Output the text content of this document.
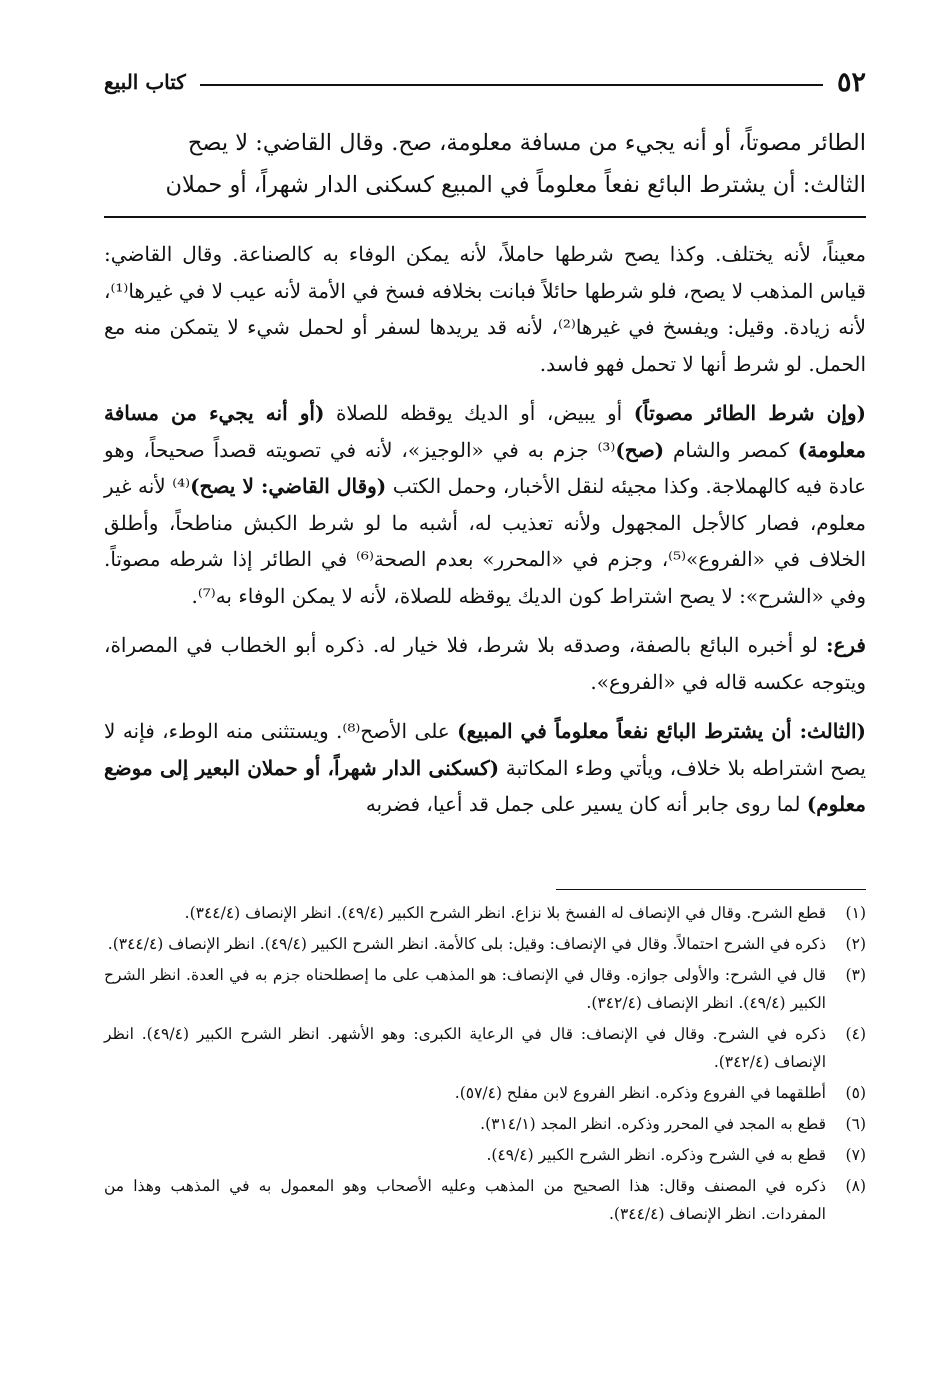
٥٢
كتاب البيع

الطائر مصوتاً، أو أنه يجيء من مسافة معلومة، صح. وقال القاضي: لا يصح

الثالث: أن يشترط البائع نفعاً معلوماً في المبيع كسكنى الدار شهراً، أو حملان

معيناً، لأنه يختلف. وكذا يصح شرطها حاملاً، لأنه يمكن الوفاء به كالصناعة. وقال القاضي: قياس المذهب لا يصح، فلو شرطها حائلاً فبانت بخلافه فسخ في الأمة لأنه عيب لا في غيرها⁽¹⁾، لأنه زيادة. وقيل: ويفسخ في غيرها⁽²⁾، لأنه قد يريدها لسفر أو لحمل شيء لا يتمكن منه مع الحمل. لو شرط أنها لا تحمل فهو فاسد.

(وإن شرط الطائر مصوتاً) أو يبيض، أو الديك يوقظه للصلاة (أو أنه يجيء من مسافة معلومة) كمصر والشام (صح)⁽³⁾ جزم به في «الوجيز»، لأنه في تصويته قصداً صحيحاً، وهو عادة فيه كالهملاجة. وكذا مجيئه لنقل الأخبار، وحمل الكتب (وقال القاضي: لا يصح)⁽⁴⁾ لأنه غير معلوم، فصار كالأجل المجهول ولأنه تعذيب له، أشبه ما لو شرط الكبش مناطحاً، وأطلق الخلاف في «الفروع»⁽⁵⁾، وجزم في «المحرر» بعدم الصحة⁽⁶⁾ في الطائر إذا شرطه مصوتاً. وفي «الشرح»: لا يصح اشتراط كون الديك يوقظه للصلاة، لأنه لا يمكن الوفاء به⁽⁷⁾.

فرع: لو أخبره البائع بالصفة، وصدقه بلا شرط، فلا خيار له. ذكره أبو الخطاب في المصراة، ويتوجه عكسه قاله في «الفروع».

(الثالث: أن يشترط البائع نفعاً معلوماً في المبيع) على الأصح⁽⁸⁾. ويستثنى منه الوطء، فإنه لا يصح اشتراطه بلا خلاف، ويأتي وطء المكاتبة (كسكنى الدار شهراً، أو حملان البعير إلى موضع معلوم) لما روى جابر أنه كان يسير على جمل قد أعيا، فضربه

(١)
قطع الشرح. وقال في الإنصاف له الفسخ بلا نزاع. انظر الشرح الكبير (٤٩/٤). انظر الإنصاف (٣٤٤/٤).
(٢)
ذكره في الشرح احتمالاً. وقال في الإنصاف: وقيل: بلى كالأمة. انظر الشرح الكبير (٤٩/٤). انظر الإنصاف (٣٤٤/٤).
(٣)
قال في الشرح: والأولى جوازه. وقال في الإنصاف: هو المذهب على ما إصطلحناه جزم به في العدة. انظر الشرح الكبير (٤٩/٤). انظر الإنصاف (٣٤٢/٤).
(٤)
ذكره في الشرح. وقال في الإنصاف: قال في الرعاية الكبرى: وهو الأشهر. انظر الشرح الكبير (٤٩/٤). انظر الإنصاف (٣٤٢/٤).
(٥)
أطلقهما في الفروع وذكره. انظر الفروع لابن مفلح (٥٧/٤).
(٦)
قطع به المجد في المحرر وذكره. انظر المجد (٣١٤/١).
(٧)
قطع به في الشرح وذكره. انظر الشرح الكبير (٤٩/٤).
(٨)
ذكره في المصنف وقال: هذا الصحيح من المذهب وعليه الأصحاب وهو المعمول به في المذهب وهذا من المفردات. انظر الإنصاف (٣٤٤/٤).
